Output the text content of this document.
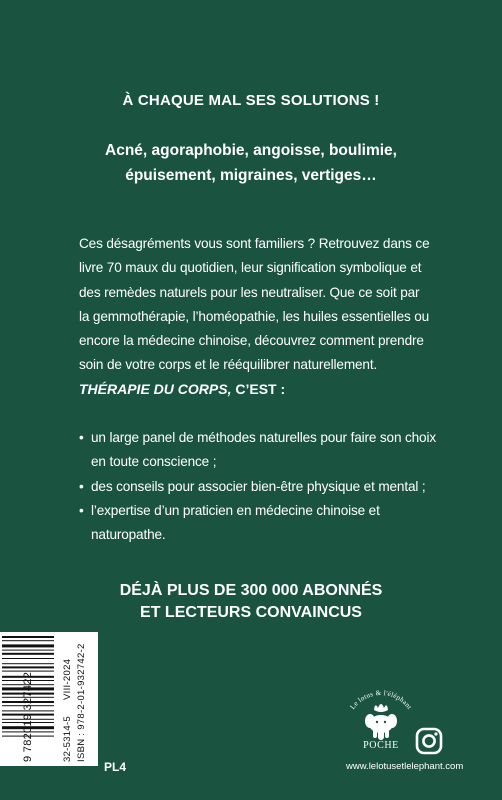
À CHAQUE MAL SES SOLUTIONS !
Acné, agoraphobie, angoisse, boulimie,
épuisement, migraines, vertiges…
Ces désagréments vous sont familiers ? Retrouvez dans ce
livre 70 maux du quotidien, leur signification symbolique et
des remèdes naturels pour les neutraliser. Que ce soit par
la gemmothérapie, l’homéopathie, les huiles essentielles ou
encore la médecine chinoise, découvrez comment prendre
soin de votre corps et le rééquilibrer naturellement.
THÉRAPIE DU CORPS, C’EST :
• un large panel de méthodes naturelles pour faire son choix
en toute conscience ;
• des conseils pour associer bien-être physique et mental ;
• l’expertise d’un praticien en médecine chinoise et
naturopathe.
DÉJÀ PLUS DE 300 000 ABONNÉS
ET LECTEURS CONVAINCUS
9 782019 327422	32-5314-5
VIII-2024 ISBN : 978-2-01-932742-2
PL4
Le lotus & l'éléphant
POCHE
www.lelotusetlelephant.com
